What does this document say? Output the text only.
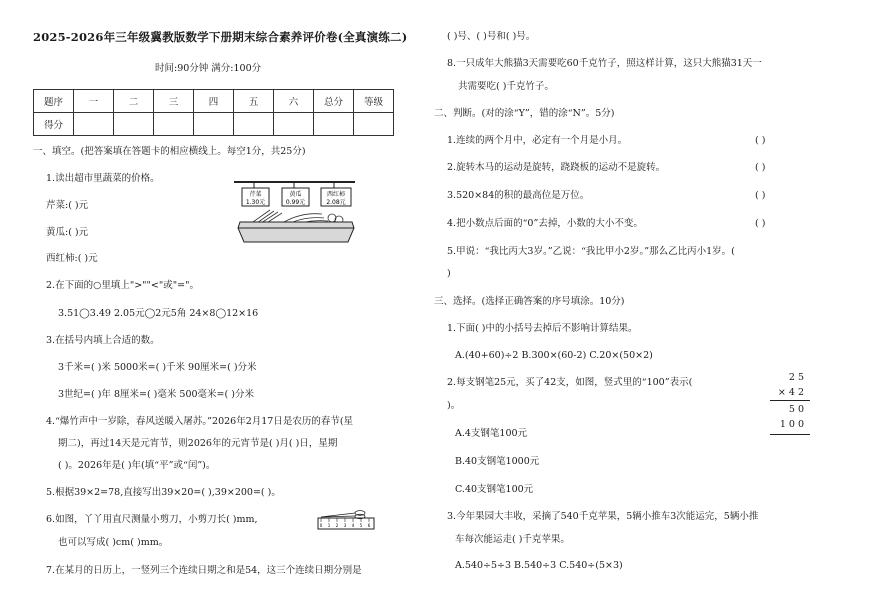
2025-2026年三年级冀教版数学下册期末综合素养评价卷(全真演练二)
时间:90分钟 满分:100分
题序	一	二	三	四	五	六	总分	等级
得分								
一、填空。(把答案填在答题卡的相应横线上。每空1分，共25分)
1.读出超市里蔬菜的价格。
芹菜:( )元
黄瓜:( )元
西红柿:( )元
芹菜
1.30元
黄瓜
0.99元
西红柿
2.08元
2.在下面的○里填上">""<"或"="。
3.51◯3.49 2.05元◯2元5角 24×8◯12×16
3.在括号内填上合适的数。
3千米=( )米 5000米=( )千米 90厘米=( )分米
3世纪=( )年 8厘米=( )毫米 500毫米=( )分米
4.“爆竹声中一岁除，春风送暖入屠苏。”2026年2月17日是农历的春节(星
期二)，再过14天是元宵节，则2026年的元宵节是( )月( )日，星期
( )。2026年是( )年(填“平”或“闰”)。
5.根据39×2=78,直接写出39×20=( ),39×200=( )。
6.如图，丫丫用直尺测量小剪刀，小剪刀长( )mm,
也可以写成( )cm( )mm。
0 1 2 3 4 5 6
7.在某月的日历上，一竖列三个连续日期之和是54，这三个连续日期分别是
( )号、( )号和( )号。
8.一只成年大熊猫3天需要吃60千克竹子，照这样计算，这只大熊猫31天一
共需要吃( )千克竹子。
二、判断。(对的涂“Y”，错的涂“N”。5分)
1.连续的两个月中，必定有一个月是小月。	( )
2.旋转木马的运动是旋转，跷跷板的运动不是旋转。	( )
3.520×84的积的最高位是万位。	( )
4.把小数点后面的“0”去掉，小数的大小不变。	( )
5.甲说：“我比丙大3岁。”乙说：“我比甲小2岁。”那么乙比丙小1岁。(
)
三、选择。(选择正确答案的序号填涂。10分)
1.下面( )中的小括号去掉后不影响计算结果。
A.(40+60)÷2 B.300×(60-2) C.20×(50×2)
2.每支钢笔25元，买了42支，如图，竖式里的“100”表示(
)。
A.4支钢笔100元
B.40支钢笔1000元
C.40支钢笔100元
2 5
× 4 2
5 0
1 0 0
3.今年果园大丰收，采摘了540千克苹果，5辆小推车3次能运完，5辆小推
车每次能运走( )千克苹果。
A.540÷5÷3 B.540÷3 C.540÷(5×3)
